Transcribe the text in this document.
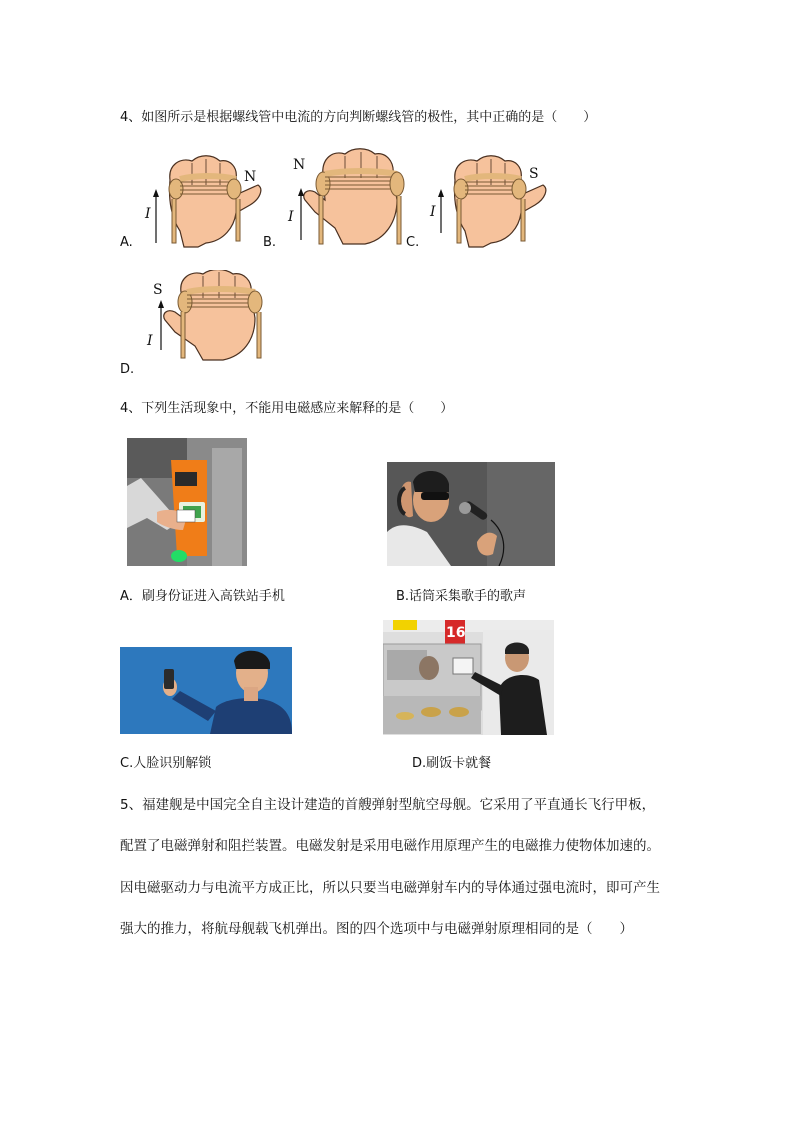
4、如图所示是根据螺线管中电流的方向判断螺线管的极性，其中正确的是（　　）
I
N
A.
I
N
B.
I
S
C.
I
S
D.
4、下列生活现象中，不能用电磁感应来解释的是（　　）
A．刷身份证进入高铁站手机	B.话筒采集歌手的歌声
C.人脸识别解锁
16
D.刷饭卡就餐
5、福建舰是中国完全自主设计建造的首艘弹射型航空母舰。它采用了平直通长飞行甲板，
配置了电磁弹射和阻拦装置。电磁发射是采用电磁作用原理产生的电磁推力使物体加速的。
因电磁驱动力与电流平方成正比，所以只要当电磁弹射车内的导体通过强电流时，即可产生
强大的推力，将航母舰载飞机弹出。图的四个选项中与电磁弹射原理相同的是（　　）
